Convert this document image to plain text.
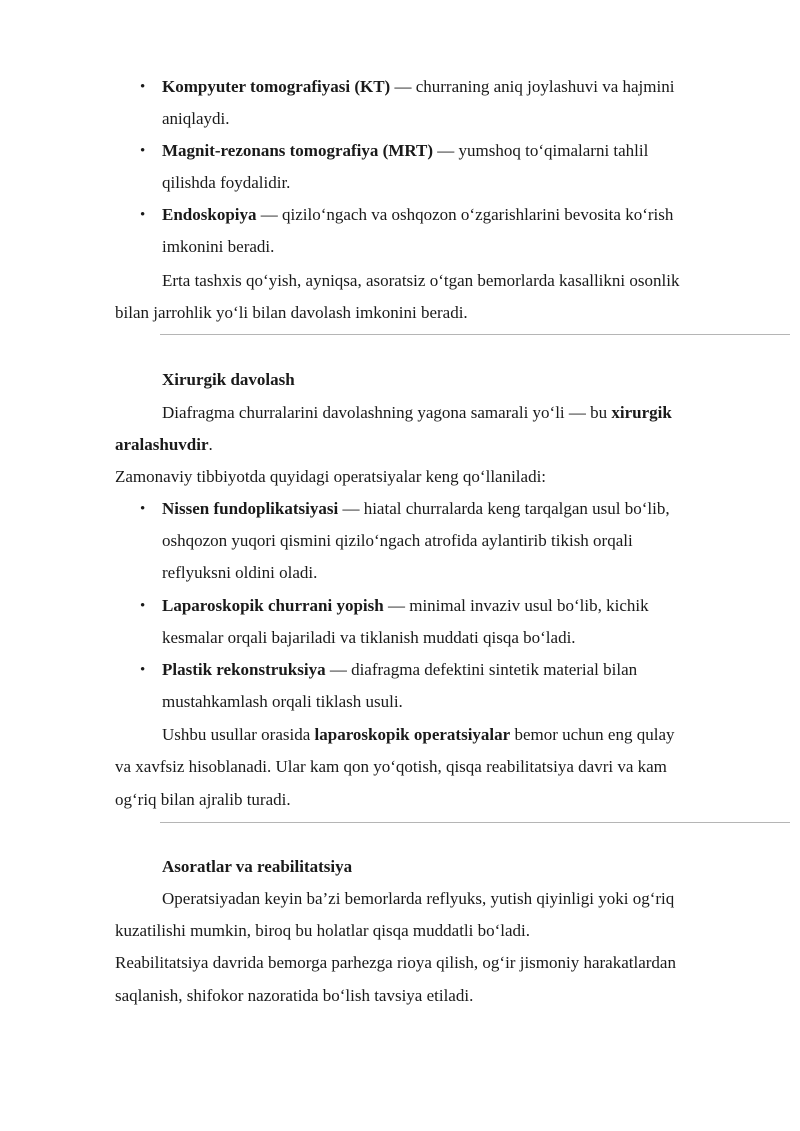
• Kompyuter tomografiyasi (KT) — churraning aniq joylashuvi va hajmini
aniqlaydi.
• Magnit-rezonans tomografiya (MRT) — yumshoq to‘qimalarni tahlil
qilishda foydalidir.
• Endoskopiya — qizilo‘ngach va oshqozon o‘zgarishlarini bevosita ko‘rish
imkonini beradi.
Erta tashxis qo‘yish, ayniqsa, asoratsiz o‘tgan bemorlarda kasallikni osonlik
bilan jarrohlik yo‘li bilan davolash imkonini beradi.
Xirurgik davolash
Diafragma churralarini davolashning yagona samarali yo‘li — bu xirurgik
aralashuvdir.
Zamonaviy tibbiyotda quyidagi operatsiyalar keng qo‘llaniladi:
• Nissen fundoplikatsiyasi — hiatal churralarda keng tarqalgan usul bo‘lib,
oshqozon yuqori qismini qizilo‘ngach atrofida aylantirib tikish orqali
reflyuksni oldini oladi.
• Laparoskopik churrani yopish — minimal invaziv usul bo‘lib, kichik
kesmalar orqali bajariladi va tiklanish muddati qisqa bo‘ladi.
• Plastik rekonstruksiya — diafragma defektini sintetik material bilan
mustahkamlash orqali tiklash usuli.
Ushbu usullar orasida laparoskopik operatsiyalar bemor uchun eng qulay
va xavfsiz hisoblanadi. Ular kam qon yo‘qotish, qisqa reabilitatsiya davri va kam
og‘riq bilan ajralib turadi.
Asoratlar va reabilitatsiya
Operatsiyadan keyin ba’zi bemorlarda reflyuks, yutish qiyinligi yoki og‘riq
kuzatilishi mumkin, biroq bu holatlar qisqa muddatli bo‘ladi.
Reabilitatsiya davrida bemorga parhezga rioya qilish, og‘ir jismoniy harakatlardan
saqlanish, shifokor nazoratida bo‘lish tavsiya etiladi.
